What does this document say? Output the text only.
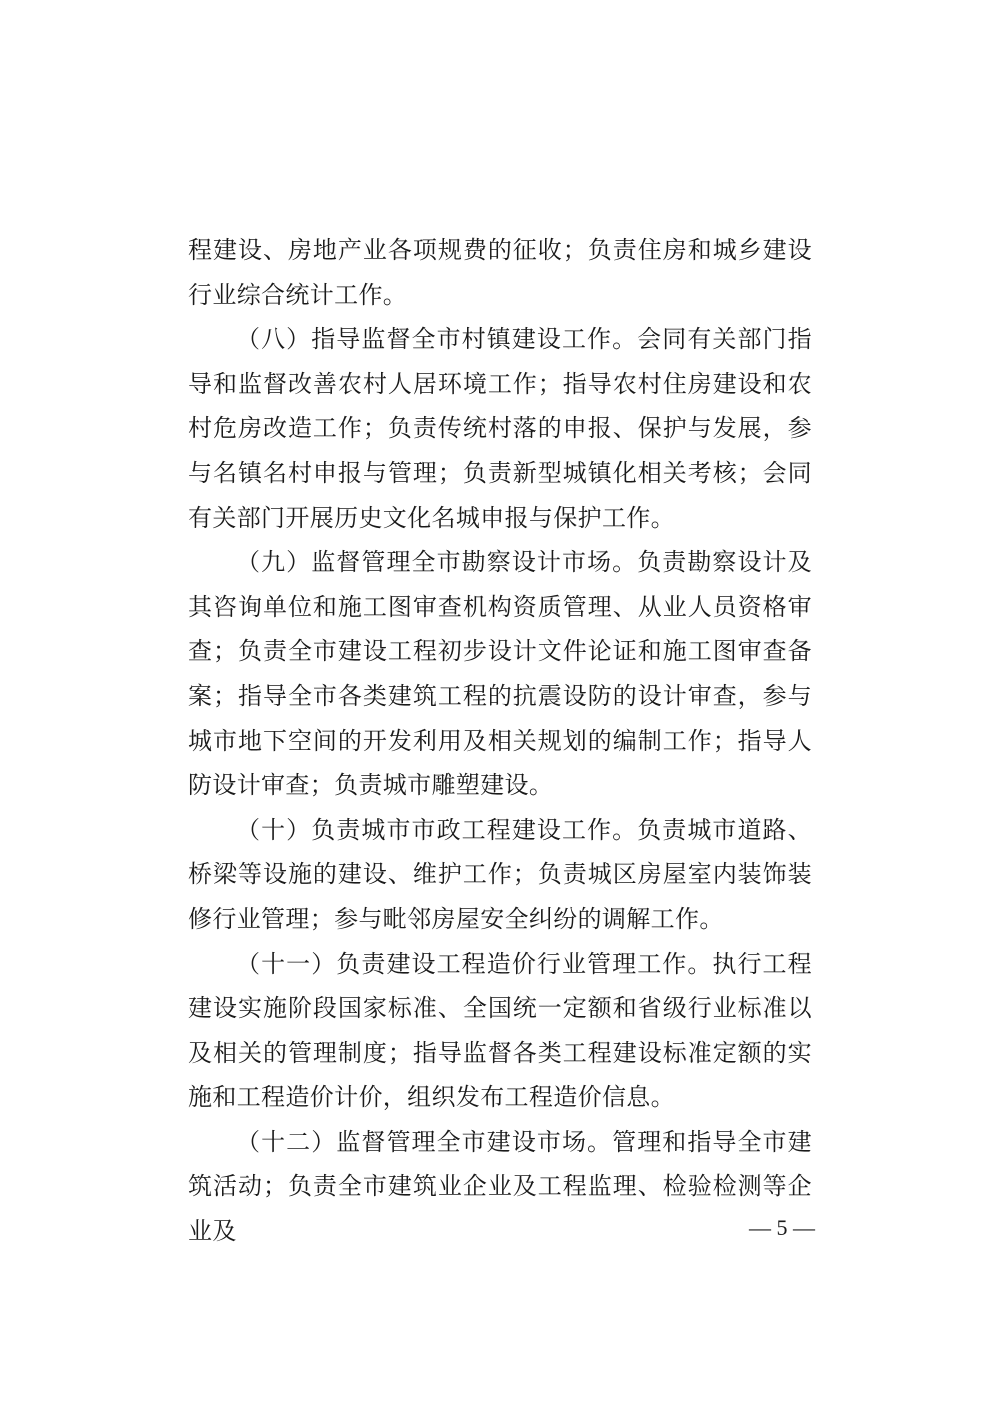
程建设、房地产业各项规费的征收；负责住房和城乡建设行业综合统计工作。

（八）指导监督全市村镇建设工作。会同有关部门指导和监督改善农村人居环境工作；指导农村住房建设和农村危房改造工作；负责传统村落的申报、保护与发展，参与名镇名村申报与管理；负责新型城镇化相关考核；会同有关部门开展历史文化名城申报与保护工作。

（九）监督管理全市勘察设计市场。负责勘察设计及其咨询单位和施工图审查机构资质管理、从业人员资格审查；负责全市建设工程初步设计文件论证和施工图审查备案；指导全市各类建筑工程的抗震设防的设计审查，参与城市地下空间的开发利用及相关规划的编制工作；指导人防设计审查；负责城市雕塑建设。

（十）负责城市市政工程建设工作。负责城市道路、桥梁等设施的建设、维护工作；负责城区房屋室内装饰装修行业管理；参与毗邻房屋安全纠纷的调解工作。

（十一）负责建设工程造价行业管理工作。执行工程建设实施阶段国家标准、全国统一定额和省级行业标准以及相关的管理制度；指导监督各类工程建设标准定额的实施和工程造价计价，组织发布工程造价信息。

（十二）监督管理全市建设市场。管理和指导全市建筑活动；负责全市建筑业企业及工程监理、检验检测等企业及	— 5 —
